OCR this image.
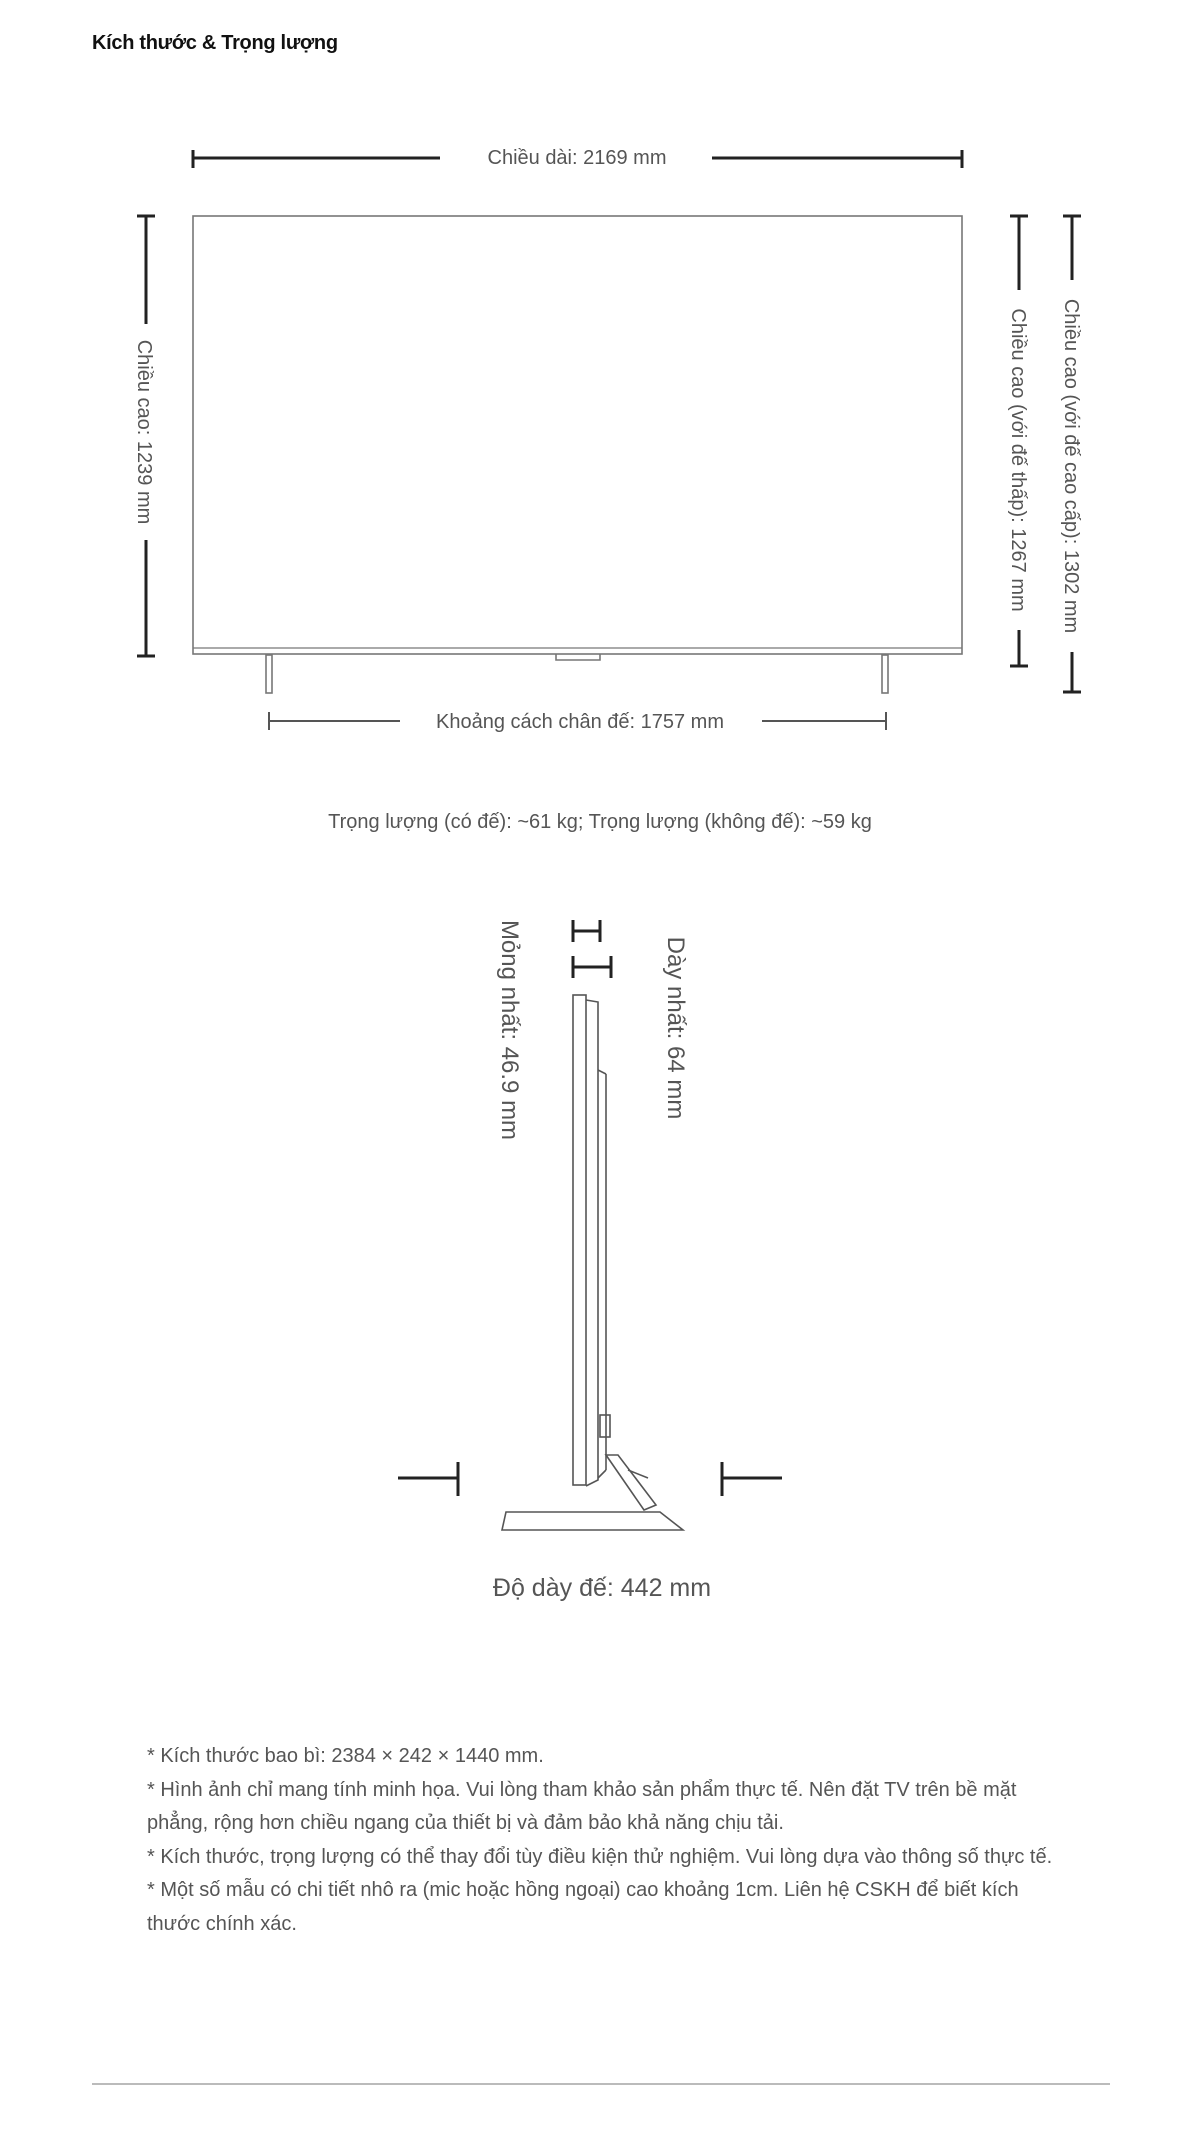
Kích thước & Trọng lượng
Chiều dài: 2169 mm
Chiều cao: 1239 mm	Chiều cao (với đế thấp): 1267 mm Chiều cao (với đế cao cấp): 1302 mm
Khoảng cách chân đế: 1757 mm
Trọng lượng (có đế): ~61 kg; Trọng lượng (không đế): ~59 kg
Mỏng nhất: 46.9 mm	Dày nhất: 64 mm
Độ dày đế: 442 mm

* Kích thước bao bì: 2384 × 242 × 1440 mm.

* Hình ảnh chỉ mang tính minh họa. Vui lòng tham khảo sản phẩm thực tế. Nên đặt TV trên bề mặt phẳng, rộng hơn chiều ngang của thiết bị và đảm bảo khả năng chịu tải.

* Kích thước, trọng lượng có thể thay đổi tùy điều kiện thử nghiệm. Vui lòng dựa vào thông số thực tế.

* Một số mẫu có chi tiết nhô ra (mic hoặc hồng ngoại) cao khoảng 1cm. Liên hệ CSKH để biết kích thước chính xác.
